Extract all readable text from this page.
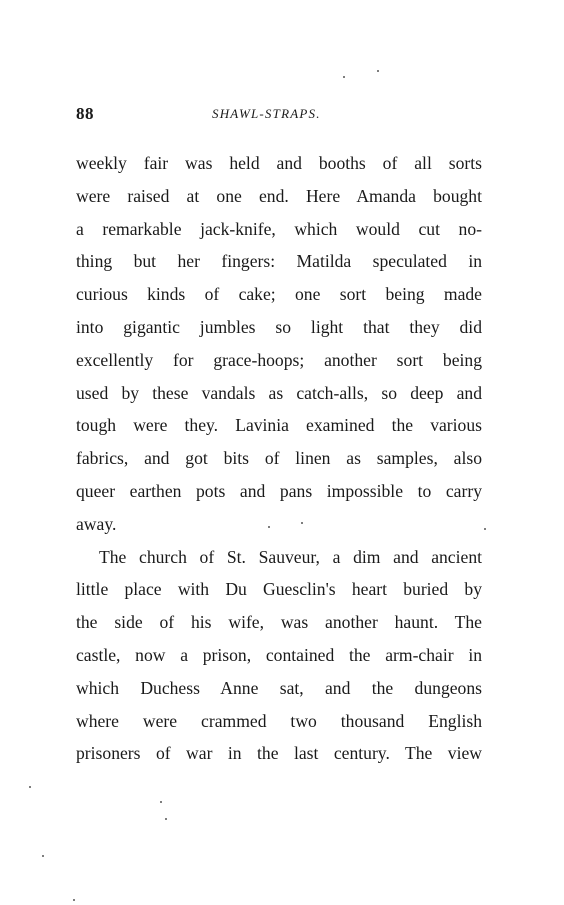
88	SHAWL-STRAPS.
weekly fair was held and booths of all sorts
were raised at one end. Here Amanda bought
a remarkable jack-knife, which would cut no-
thing but her fingers: Matilda speculated in
curious kinds of cake; one sort being made
into gigantic jumbles so light that they did
excellently for grace-hoops; another sort being
used by these vandals as catch-alls, so deep and
tough were they. Lavinia examined the various
fabrics, and got bits of linen as samples, also
queer earthen pots and pans impossible to carry
away.
The church of St. Sauveur, a dim and ancient
little place with Du Guesclin's heart buried by
the side of his wife, was another haunt. The
castle, now a prison, contained the arm-chair in
which Duchess Anne sat, and the dungeons
where were crammed two thousand English
prisoners of war in the last century. The view
